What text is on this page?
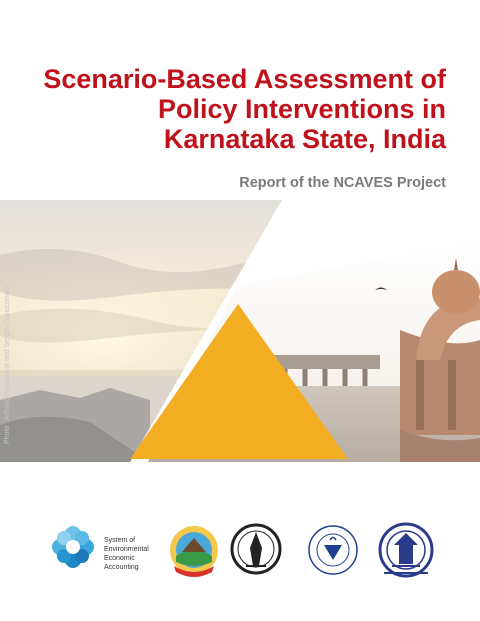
Scenario-Based Assessment of
Policy Interventions in
Karnataka State, India

Report of the NCAVES Project

Photo : Achyut Pagaonkar and Sergio Capuzzimati
System of
Environmental
Economic
Accounting
